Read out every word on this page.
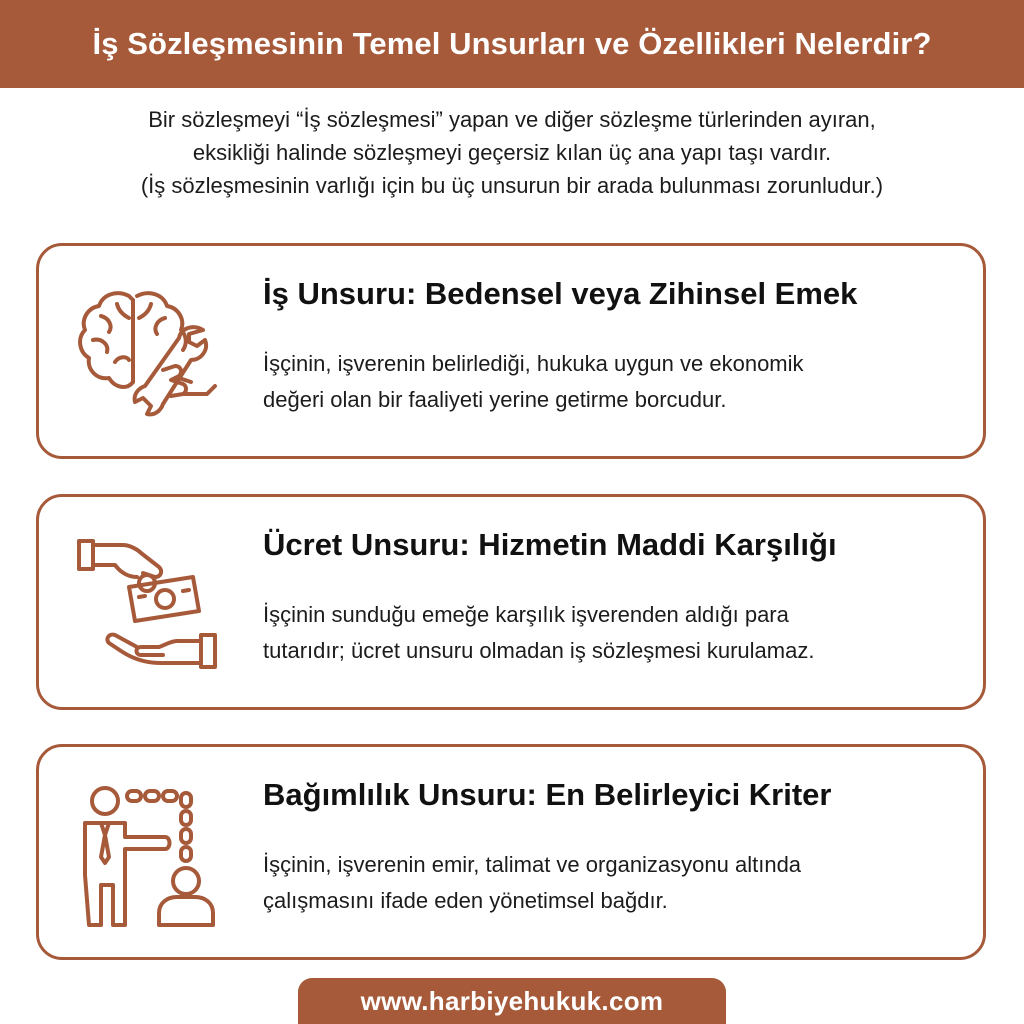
İş Sözleşmesinin Temel Unsurları ve Özellikleri Nelerdir?

Bir sözleşmeyi “İş sözleşmesi” yapan ve diğer sözleşme türlerinden ayıran,

eksikliği halinde sözleşmeyi geçersiz kılan üç ana yapı taşı vardır.

(İş sözleşmesinin varlığı için bu üç unsurun bir arada bulunması zorunludur.)

İş Unsuru: Bedensel veya Zihinsel Emek

İşçinin, işverenin belirlediği, hukuka uygun ve ekonomik
değeri olan bir faaliyeti yerine getirme borcudur.

Ücret Unsuru: Hizmetin Maddi Karşılığı

İşçinin sunduğu emeğe karşılık işverenden aldığı para
tutarıdır; ücret unsuru olmadan iş sözleşmesi kurulamaz.

Bağımlılık Unsuru: En Belirleyici Kriter

İşçinin, işverenin emir, talimat ve organizasyonu altında
çalışmasını ifade eden yönetimsel bağdır.

www.harbiyehukuk.com
